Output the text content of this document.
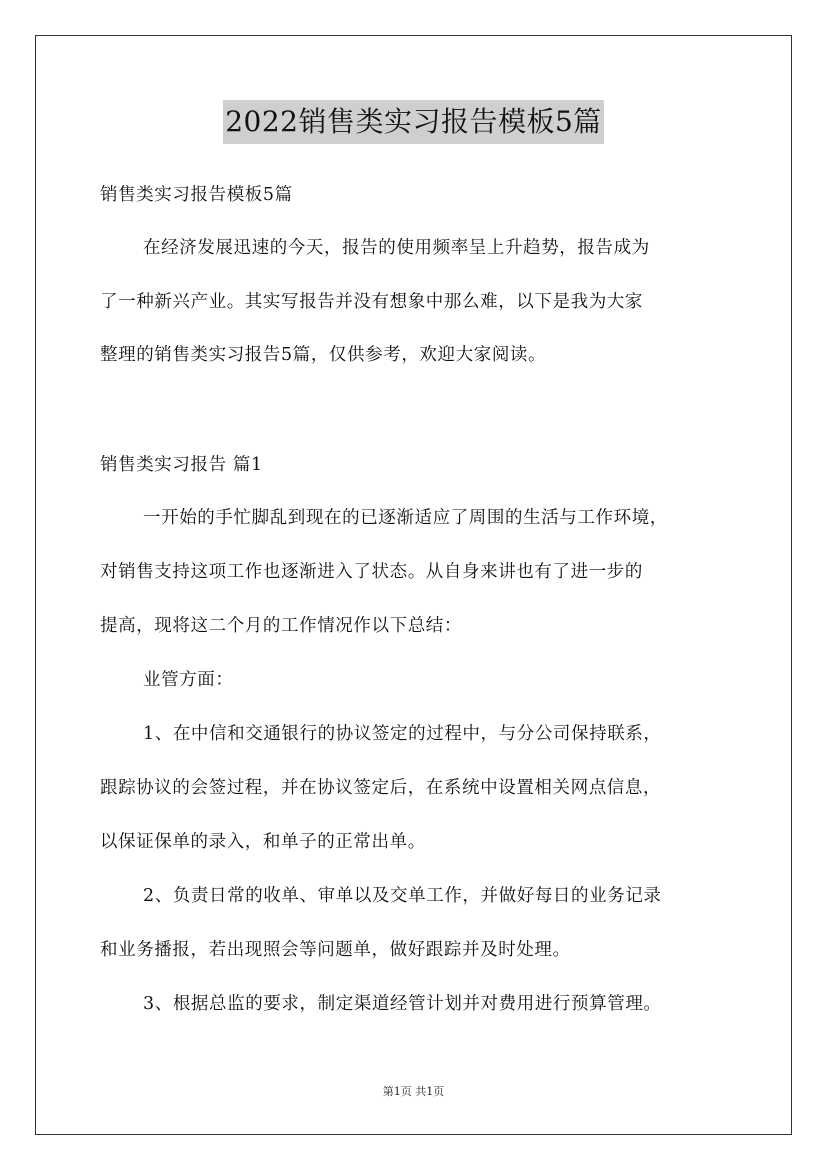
2022销售类实习报告模板5篇
销售类实习报告模板5篇
在经济发展迅速的今天，报告的使用频率呈上升趋势，报告成为
了一种新兴产业。其实写报告并没有想象中那么难，以下是我为大家
整理的销售类实习报告5篇，仅供参考，欢迎大家阅读。
销售类实习报告 篇1
一开始的手忙脚乱到现在的已逐渐适应了周围的生活与工作环境，
对销售支持这项工作也逐渐进入了状态。从自身来讲也有了进一步的
提高，现将这二个月的工作情况作以下总结：
业管方面：
1、在中信和交通银行的协议签定的过程中，与分公司保持联系，
跟踪协议的会签过程，并在协议签定后，在系统中设置相关网点信息，
以保证保单的录入，和单子的正常出单。
2、负责日常的收单、审单以及交单工作，并做好每日的业务记录
和业务播报，若出现照会等问题单，做好跟踪并及时处理。
3、根据总监的要求，制定渠道经管计划并对费用进行预算管理。
第1页 共1页
